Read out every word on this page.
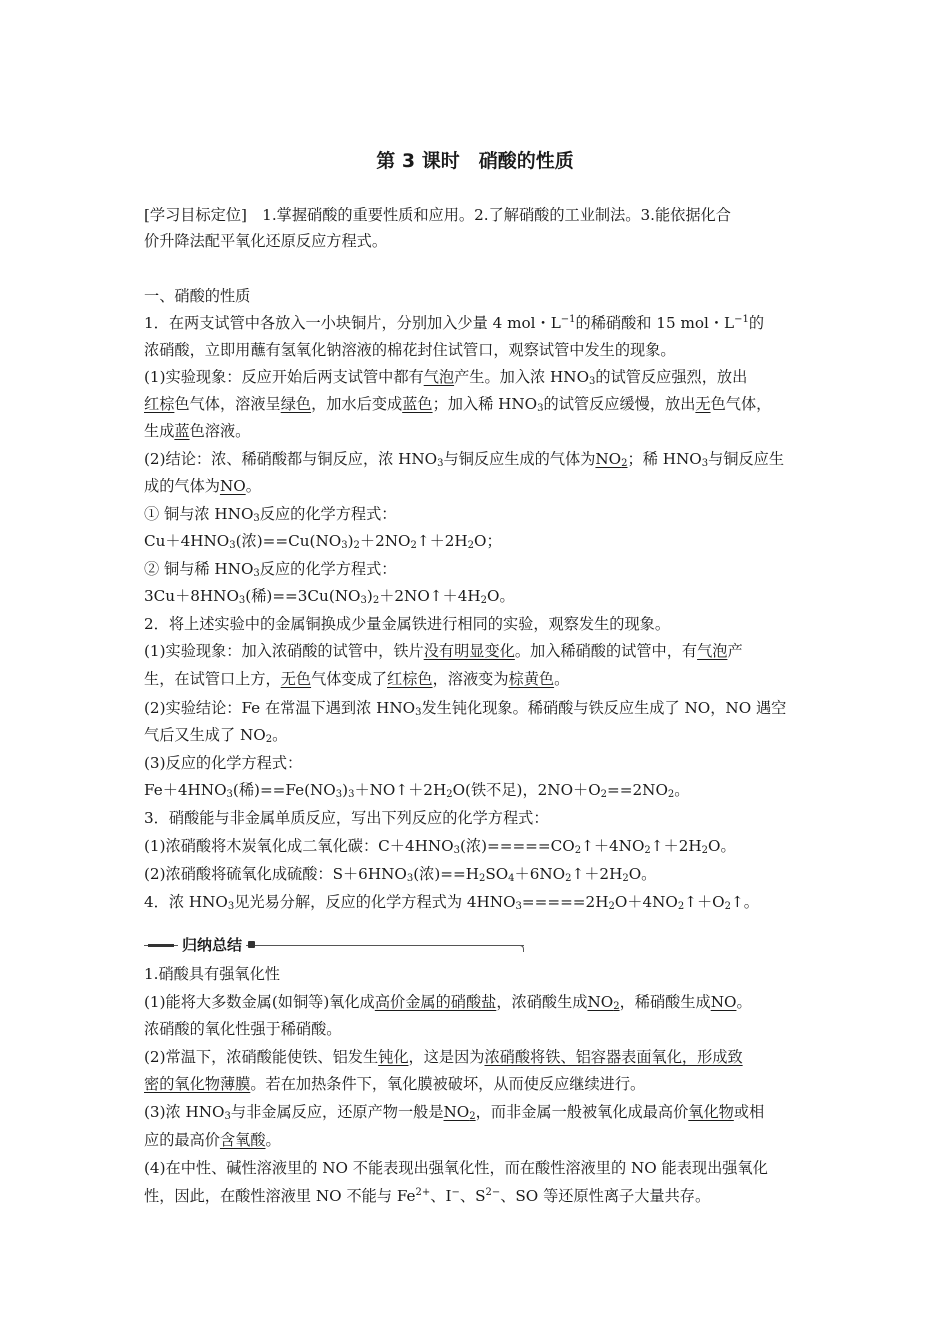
第 3 课时　硝酸的性质
[学习目标定位]　1.掌握硝酸的重要性质和应用。2.了解硝酸的工业制法。3.能依据化合
价升降法配平氧化还原反应方程式。
一、硝酸的性质
1．在两支试管中各放入一小块铜片，分别加入少量 4 mol・$L^{-1}$的稀硝酸和 15 mol・$L^{-1}$的
浓硝酸，立即用蘸有氢氧化钠溶液的棉花封住试管口，观察试管中发生的现象。
(1)实验现象：反应开始后两支试管中都有气泡产生。加入浓 $HNO_3$的试管反应强烈，放出
红棕色气体，溶液呈绿色，加水后变成蓝色；加入稀 $HNO_3$的试管反应缓慢，放出无色气体，
生成蓝色溶液。
(2)结论：浓、稀硝酸都与铜反应，浓 $HNO_3$与铜反应生成的气体为$NO_2$；稀 $HNO_3$与铜反应生
成的气体为NO。
① 铜与浓 $HNO_3$反应的化学方程式：
$Cu+4HNO_3$(浓)$==Cu(NO_3)_2+2NO_2↑+2H_2O$；
② 铜与稀 $HNO_3$反应的化学方程式：
$3Cu+8HNO_3$(稀)$==3Cu(NO_3)_2+2NO↑+4H_2O$。
2．将上述实验中的金属铜换成少量金属铁进行相同的实验，观察发生的现象。
(1)实验现象：加入浓硝酸的试管中，铁片没有明显变化。加入稀硝酸的试管中，有气泡产
生，在试管口上方，无色气体变成了红棕色，溶液变为棕黄色。
(2)实验结论：Fe 在常温下遇到浓 $HNO_3$发生钝化现象。稀硝酸与铁反应生成了 NO，NO 遇空
气后又生成了 $NO_2$。
(3)反应的化学方程式：
$Fe+4HNO_3$(稀)$==Fe(NO_3)_3+NO↑+2H_2O$(铁不足)，$2NO+O_2==2NO_2$。
3．硝酸能与非金属单质反应，写出下列反应的化学方程式：
(1)浓硝酸将木炭氧化成二氧化碳：$C+4HNO_3$(浓)$=====CO_2↑+4NO_2↑+2H_2O$。
(2)浓硝酸将硫氧化成硫酸：$S+6HNO_3$(浓)$==H_2SO_4+6NO_2↑+2H_2O$。
4．浓 $HNO_3$见光易分解，反应的化学方程式为 $4HNO_3=====2H_2O+4NO_2↑+O_2↑$。
归纳总结
1.硝酸具有强氧化性
(1)能将大多数金属(如铜等)氧化成高价金属的硝酸盐，浓硝酸生成$NO_2$，稀硝酸生成NO。
浓硝酸的氧化性强于稀硝酸。
(2)常温下，浓硝酸能使铁、铝发生钝化，这是因为浓硝酸将铁、铝容器表面氧化，形成致
密的氧化物薄膜。若在加热条件下，氧化膜被破坏，从而使反应继续进行。
(3)浓 $HNO_3$与非金属反应，还原产物一般是$NO_2$，而非金属一般被氧化成最高价氧化物或相
应的最高价含氧酸。
(4)在中性、碱性溶液里的 NO 不能表现出强氧化性，而在酸性溶液里的 NO 能表现出强氧化
性，因此，在酸性溶液里 NO 不能与 $Fe^{2+}$、I−、$S^{2-}$、SO 等还原性离子大量共存。
